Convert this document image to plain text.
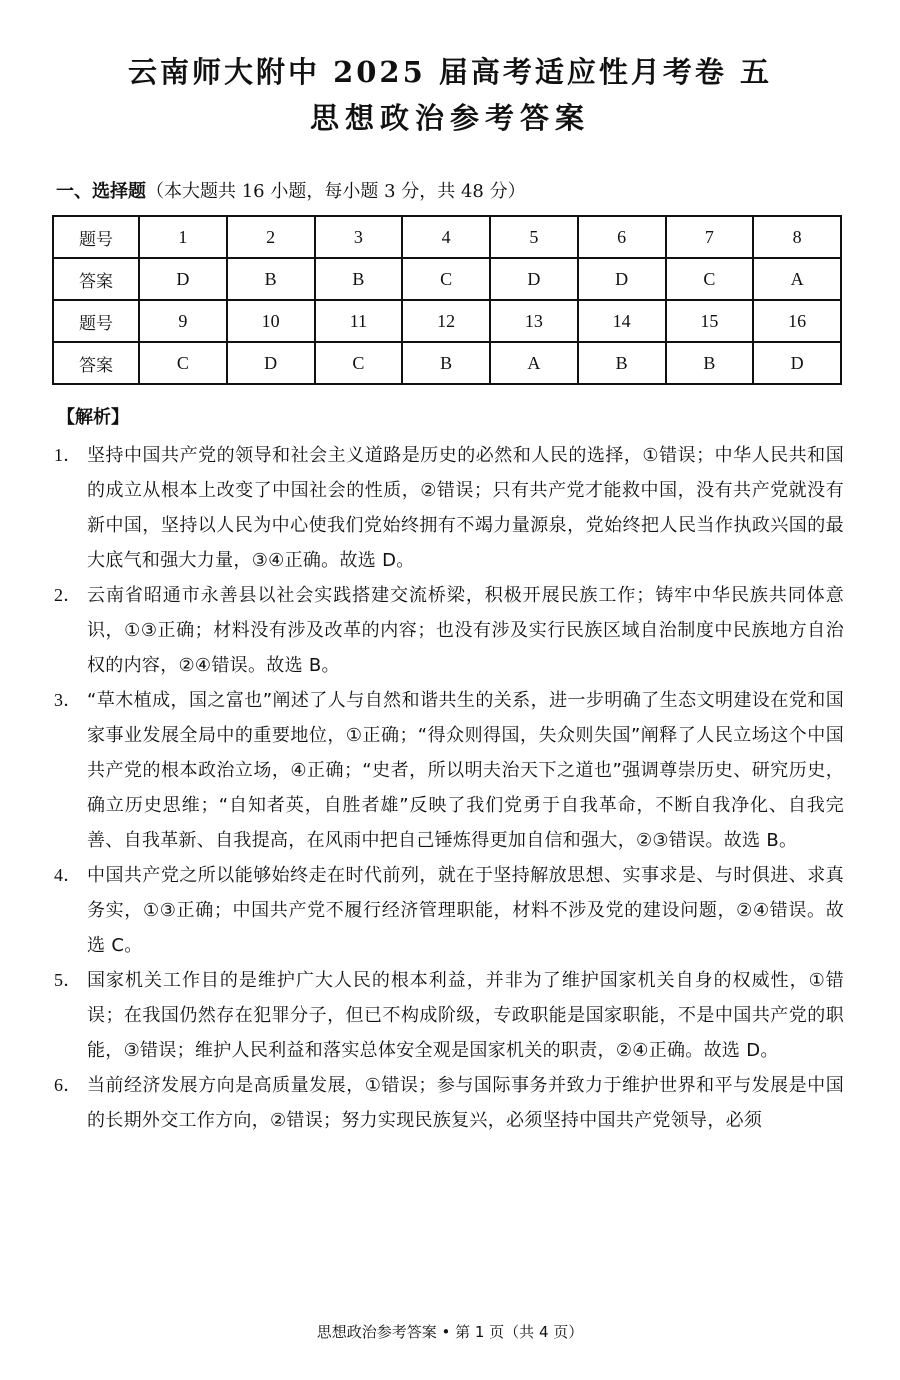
云南师大附中 2025 届高考适应性月考卷 五
思想政治参考答案
一、选择题（本大题共 16 小题，每小题 3 分，共 48 分）
题号	1	2	3	4	5	6	7	8
答案	D	B	B	C	D	D	C	A
题号	9	10	11	12	13	14	15	16
答案	C	D	C	B	A	B	B	D
【解析】
1． 坚持中国共产党的领导和社会主义道路是历史的必然和人民的选择，①错误；中华人民共和国的成立从根本上改变了中国社会的性质，②错误；只有共产党才能救中国，没有共产党就没有新中国，坚持以人民为中心使我们党始终拥有不竭力量源泉，党始终把人民当作执政兴国的最大底气和强大力量，③④正确。故选 D。
2． 云南省昭通市永善县以社会实践搭建交流桥梁，积极开展民族工作；铸牢中华民族共同体意识，①③正确；材料没有涉及改革的内容；也没有涉及实行民族区域自治制度中民族地方自治权的内容，②④错误。故选 B。
3． “草木植成，国之富也”阐述了人与自然和谐共生的关系，进一步明确了生态文明建设在党和国家事业发展全局中的重要地位，①正确；“得众则得国，失众则失国”阐释了人民立场这个中国共产党的根本政治立场，④正确；“史者，所以明夫治天下之道也”强调尊崇历史、研究历史，确立历史思维；“自知者英，自胜者雄”反映了我们党勇于自我革命，不断自我净化、自我完善、自我革新、自我提高，在风雨中把自己锤炼得更加自信和强大，②③错误。故选 B。
4． 中国共产党之所以能够始终走在时代前列，就在于坚持解放思想、实事求是、与时俱进、求真务实，①③正确；中国共产党不履行经济管理职能，材料不涉及党的建设问题，②④错误。故选 C。
5． 国家机关工作目的是维护广大人民的根本利益，并非为了维护国家机关自身的权威性，①错误；在我国仍然存在犯罪分子，但已不构成阶级，专政职能是国家职能，不是中国共产党的职能，③错误；维护人民利益和落实总体安全观是国家机关的职责，②④正确。故选 D。
6． 当前经济发展方向是高质量发展，①错误；参与国际事务并致力于维护世界和平与发展是中国的长期外交工作方向，②错误；努力实现民族复兴，必须坚持中国共产党领导，必须
思想政治参考答案 • 第 1 页（共 4 页）
